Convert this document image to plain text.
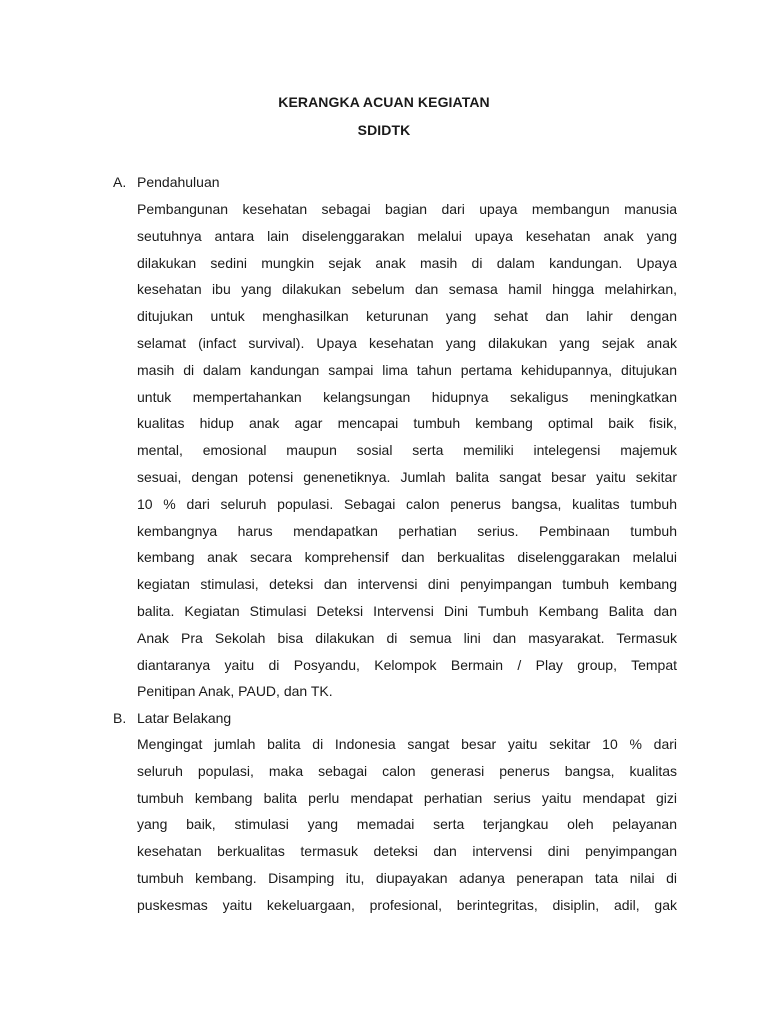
KERANGKA ACUAN KEGIATAN
SDIDTK
A. Pendahuluan
Pembangunan kesehatan sebagai bagian dari upaya membangun manusia
seutuhnya antara lain diselenggarakan melalui upaya kesehatan anak yang
dilakukan sedini mungkin sejak anak masih di dalam kandungan. Upaya
kesehatan ibu yang dilakukan sebelum dan semasa hamil hingga melahirkan,
ditujukan untuk menghasilkan keturunan yang sehat dan lahir dengan
selamat (infact survival). Upaya kesehatan yang dilakukan yang sejak anak
masih di dalam kandungan sampai lima tahun pertama kehidupannya, ditujukan
untuk mempertahankan kelangsungan hidupnya sekaligus meningkatkan
kualitas hidup anak agar mencapai tumbuh kembang optimal baik fisik,
mental, emosional maupun sosial serta memiliki intelegensi majemuk
sesuai, dengan potensi genenetiknya. Jumlah balita sangat besar yaitu sekitar
10 % dari seluruh populasi. Sebagai calon penerus bangsa, kualitas tumbuh
kembangnya harus mendapatkan perhatian serius. Pembinaan tumbuh
kembang anak secara komprehensif dan berkualitas diselenggarakan melalui
kegiatan stimulasi, deteksi dan intervensi dini penyimpangan tumbuh kembang
balita. Kegiatan Stimulasi Deteksi Intervensi Dini Tumbuh Kembang Balita dan
Anak Pra Sekolah bisa dilakukan di semua lini dan masyarakat. Termasuk
diantaranya yaitu di Posyandu, Kelompok Bermain / Play group, Tempat
Penitipan Anak, PAUD, dan TK.
B. Latar Belakang
Mengingat jumlah balita di Indonesia sangat besar yaitu sekitar 10 % dari
seluruh populasi, maka sebagai calon generasi penerus bangsa, kualitas
tumbuh kembang balita perlu mendapat perhatian serius yaitu mendapat gizi
yang baik, stimulasi yang memadai serta terjangkau oleh pelayanan
kesehatan berkualitas termasuk deteksi dan intervensi dini penyimpangan
tumbuh kembang. Disamping itu, diupayakan adanya penerapan tata nilai di
puskesmas yaitu kekeluargaan, profesional, berintegritas, disiplin, adil, gak
